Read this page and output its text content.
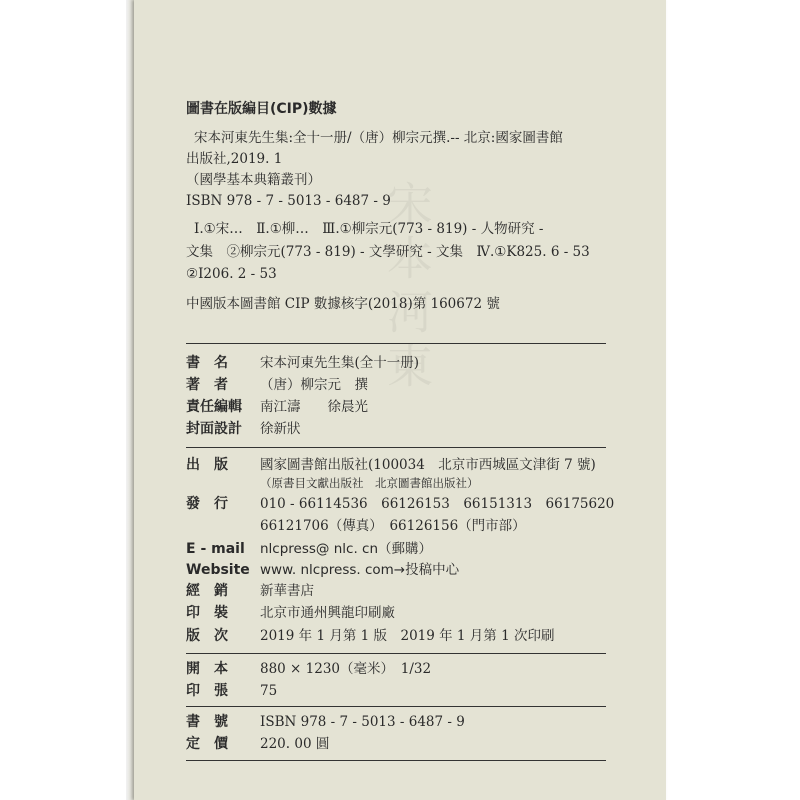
宋本河東
圖書在版編目(CIP)數據
宋本河東先生集:全十一册/（唐）柳宗元撰.-- 北京:國家圖書館
出版社,2019. 1
（國學基本典籍叢刊）
ISBN 978 - 7 - 5013 - 6487 - 9
Ⅰ.①宋…　Ⅱ.①柳…　Ⅲ.①柳宗元(773 - 819) - 人物研究 -
文集　②柳宗元(773 - 819) - 文學研究 - 文集　Ⅳ.①K825. 6 - 53
②I206. 2 - 53
中國版本圖書館 CIP 數據核字(2018)第 160672 號
書　名	宋本河東先生集(全十一册)
著　者	（唐）柳宗元　撰
責任編輯	南江濤　　徐晨光
封面設計	徐新狀
出　版	國家圖書館出版社(100034　北京市西城區文津街 7 號)
（原書目文獻出版社　北京圖書館出版社）
發　行	010 - 66114536　66126153　66151313　66175620
66121706（傳真）　66126156（門市部）
E - mail	nlcpress@ nlc. cn（郵購）
Website www. nlcpress. com→投稿中心
經　銷	新華書店
印　裝	北京市通州興龍印刷廠
版　次	2019 年 1 月第 1 版　2019 年 1 月第 1 次印刷
開　本	880 × 1230（毫米）　1/32
印　張	75
書　號	ISBN 978 - 7 - 5013 - 6487 - 9
定　價	220. 00 圓
